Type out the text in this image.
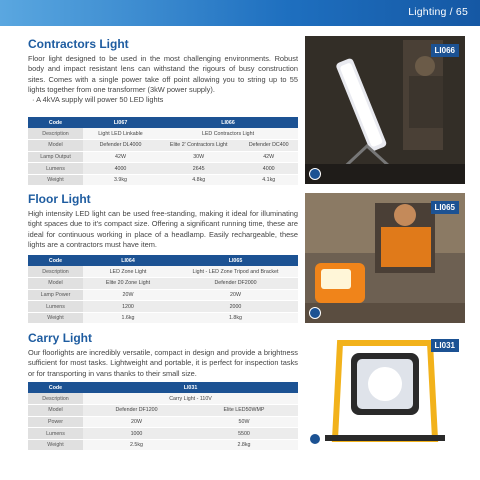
Lighting / 65
Contractors Light
Floor light designed to be used in the most challenging environments. Robust body and impact resistant lens can withstand the rigours of busy construction sites. Comes with a single power take off point allowing you to string up to 55 lights together from one transformer (3kW power supply).
· A 4kVA supply will power 50 LED lights
Code	LI067	LI066	
Description	Light LED Linkable	LED Contractors Light	
Model	Defender DL4000	Elite 2' Contractors Light	Defender DC400
Lamp Output	42W	30W	42W
Lumens	4000	2645	4000
Weight	3.9kg	4.8kg	4.1kg
LI066
Floor Light
High intensity LED light can be used free-standing, making it ideal for illuminating tight spaces due to it's compact size. Offering a significant running time, these are ideal for continuous working in place of a headlamp. Easily rechargeable, these lights are a contractors must have item.
Code	LI064	LI065
Description	LED Zone Light	Light - LED Zone Tripod and Bracket
Model	Elite 20 Zone Light	Defender DF2000
Lamp Power	20W	20W
Lumens	1200	2000
Weight	1.6kg	1.8kg
LI065
Carry Light
Our floorlights are incredibly versatile, compact in design and provide a brightness sufficient for most tasks. Lightweight and portable, it is perfect for inspection tasks or for transporting in vans thanks to their small size.
Code	LI031	
Description	Carry Light - 110V	
Model	Defender DF1200	Elite LED50WMP
Power	20W	50W
Lumens	1000	5500
Weight	2.5kg	2.8kg
LI031
